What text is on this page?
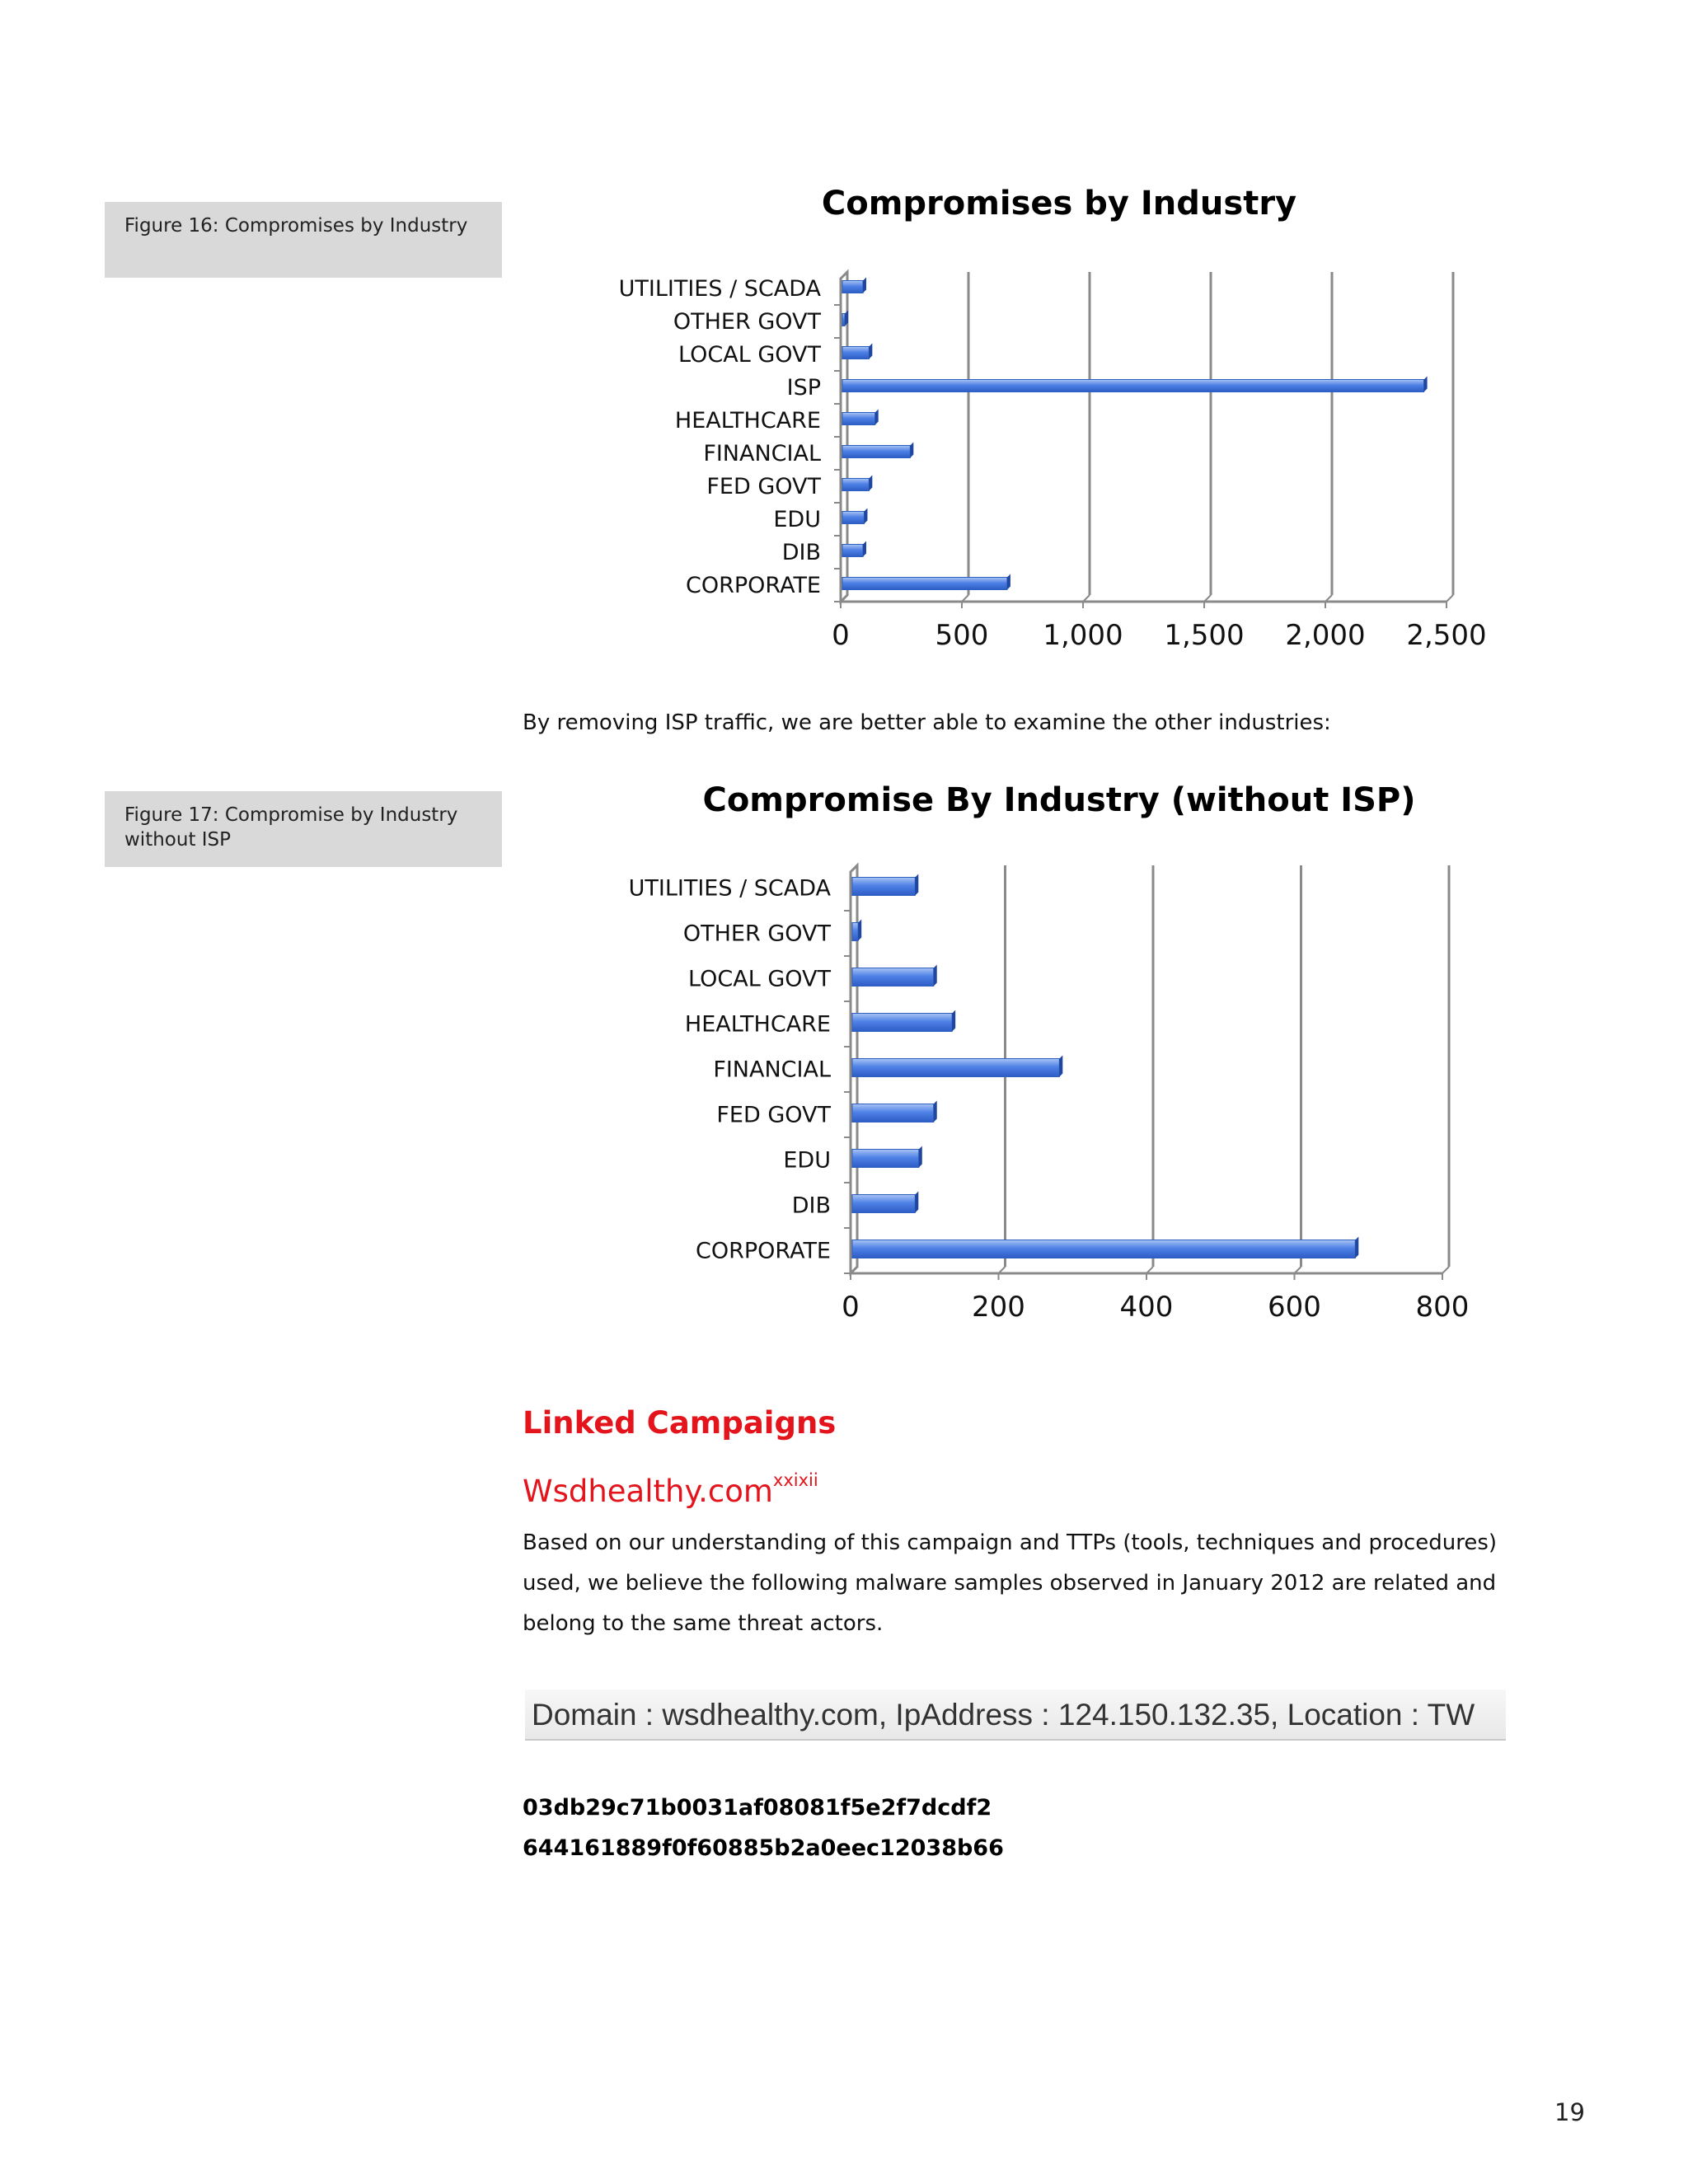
Figure 16: Compromises by Industry
Compromises by Industry
0	500 1,000 1,500 2,000 2,500
UTILITIES / SCADA
OTHER GOVT
LOCAL GOVT
ISP
HEALTHCARE
FINANCIAL
FED GOVT
EDU
DIB
CORPORATE
By removing ISP traffic, we are better able to examine the other industries:
Figure 17: Compromise by Industry without ISP
Compromise By Industry (without ISP)
0	200	400	600	800
UTILITIES / SCADA
OTHER GOVT
LOCAL GOVT
HEALTHCARE
FINANCIAL
FED GOVT
EDU
DIB
CORPORATE
Linked Campaigns
Wsdhealthy.com$^{xxixii}$
Based on our understanding of this campaign and TTPs (tools, techniques and procedures)
used, we believe the following malware samples observed in January 2012 are related and
belong to the same threat actors.
Domain : wsdhealthy.com, IpAddress : 124.150.132.35, Location : TW
03db29c71b0031af08081f5e2f7dcdf2
644161889f0f60885b2a0eec12038b66
19
